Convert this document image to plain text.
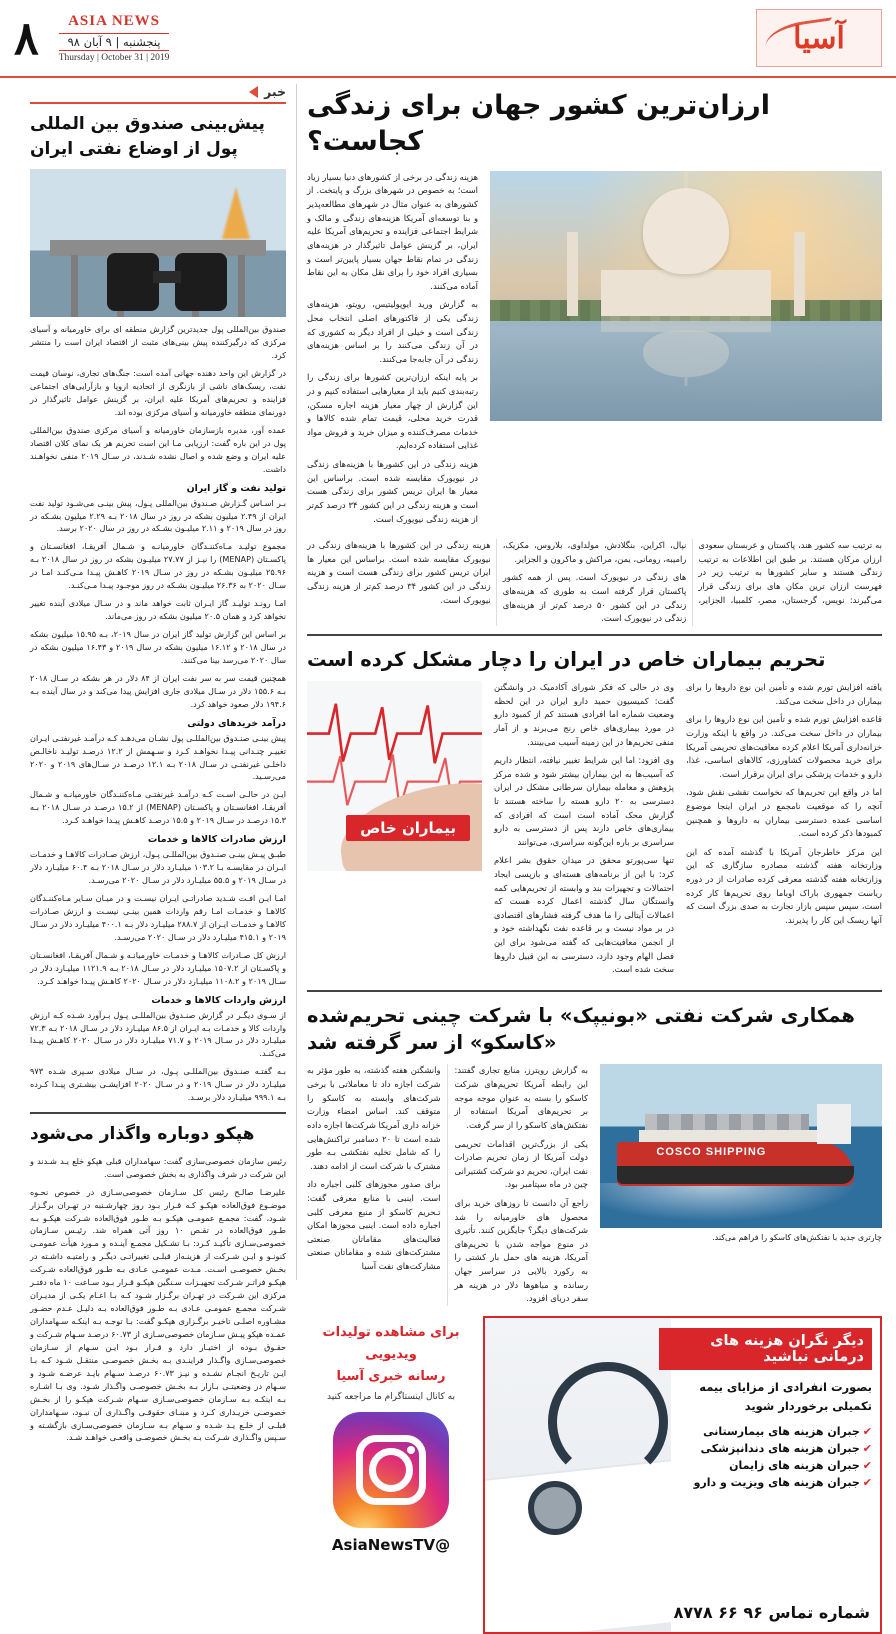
آسیا
ASIA NEWS
پنجشنبه | ۹ آبان ۹۸
Thursday | October 31 | 2019
۸
ارزان‌ترین کشور جهان برای زندگی کجاست؟

هزینه زندگی در برخی از کشورهای دنیا بسیار زیاد است؛ به خصوص در شهرهای بزرگ و پایتخت. از کشورهای به عنوان مثال در شهرهای مطالعه‌پذیر و بنا توسعه‌ای آمریکا هزینه‌های زندگی و مالک و شرایط اجتماعی فزاینده و تحریم‌های آمریکا علیه ایران، بر گزینش عوامل تاثیرگذار در هزینه‌های زندگی در تمام نقاط جهان بسیار پایین‌تر است و بسیاری افراد خود را برای نقل مکان به این نقاط آماده می‌کنند.

به گزارش ورید ایوپولیتیس، رویتو، هزینه‌های زندگی یکی از فاکتورهای اصلی انتخاب محل زندگی است و خیلی از افراد دیگر به کشوری که در آن زندگی می‌کنند را بر اساس هزینه‌های زندگی در آن جابه‌جا می‌کنند.

بر پایه اینکه ارزان‌ترین کشورها برای زندگی را رتبه‌بندی کنیم باید از معیارهایی استفاده کنیم و در این گزارش از چهار معیار هزینه اجاره مسکن، قدرت خرید محلی، قیمت تمام شده کالاها و خدمات مصرف‌کننده و میزان خرید و فروش مواد غذایی استفاده کرده‌ایم.

هزینه زندگی در این کشورها با هزینه‌های زندگی در نیویورک مقایسه شده است. براساس این معیار ها ایران تریس کشور برای زندگی هست است و هزینه زندگی در این کشور ۳۴ درصد کم‌تر از هزینه زندگی نیویورک است.

به ترتیب سه کشور هند، پاکستان و عربستان سعودی ارزان مرکان هستند. بر طبق این اطلاعات به ترتیب زندگی هستند و سایر کشورها به ترتیب زیر در فهرست ارزان ترین مکان های برای زندگی قرار می‌گیرند: نویس، گرجستان، مصر، کلمبیا، الجزایر، نپال، اکراین، بنگلادش، مولداوی، بلاروس، مکزیک، رامیبه، رومانی، یمن، مراکش و ماکرون و الجزایر.

های زندگی در نیویورک است. پس از همه کشور پاکستان قرار گرفته است به طوری که هزینه‌های زندگی در این کشور ۵۰ درصد کم‌تر از هزینه‌های زندگی در نیویورک است.

هزینه زندگی در این کشورها با هزینه‌های زندگی در نیویورک مقایسه شده است. براساس این معیار ها ایران تریس کشور برای زندگی هست است و هزینه زندگی در این کشور ۳۴ درصد کم‌تر از هزینه زندگی نیویورک است.

تحریم بیماران خاص در ایران را دچار مشکل کرده است

یافته افزایش تورم شده و تأمین این نوع داروها را برای بیماران در داخل سخت می‌کند.

قاعده افزایش تورم شده و تأمین این نوع داروها را برای بیماران در داخل سخت می‌کند. در واقع با اینکه وزارت خزانه‌داری آمریکا اعلام کرده معافیت‌های تحریمی آمریکا برای خرید محصولات کشاورزی، کالاهای اساسی، غذا، دارو و خدمات پزشکی برای ایران برقرار است.

اما در واقع این تحریم‌ها که نخواست نقشی نقش شود، آنچه را که موقعیت نامجمع در ایران اینجا موضوع اساسی عمده دسترسی بیماران به داروها و همچنین کمبودها ذکر کرده است.

این مرکز خاطرجان آمریکا با گذشته آمده که این وزارتخانه هفته گذشته مصادره سازگاری که این وزارتخانه هفته گذشته معرفی کرده صادرات از در دوره ریاست جمهوری باراک اوباما روی تحریم‌ها کار کرده است، سپس سپس بازار تجارت به صدی بزرگ است که آنها ریسک این کار را پذیرند.

وی در حالی که فکر شورای آکادمیک در وانشگتن گفت: کمیسیون حمید دارو ایران در این لحظه وضعیت شماره اما افرادی هستند کم از کمبود دارو در مورد بیماری‌های خاص رنج می‌برند و از آمار منفی تحریم‌ها در این زمینه آسیب می‌بینند.

وی افزود: اما این شرایط تغییر نیافته، انتظار داریم که آسیب‌ها به این بیماران بیشتر شود و شده مرکز پژوهش و معامله بیماران سرطانی مشکل در ایران دسترسی به ۲۰ دارو هسته را ساخته هستند تا گزارش محک آماده است است که افرادی که بیماری‌های خاص دارند پس از دسترسی به دارو سراسری بر باره این‌گونه سراسری، می‌توانند

تنها سی‌پورتو محقق در میدان حقوق بشر اعلام کرد: با این از برنامه‌های هسته‌ای و بازپسی ایجاد احتمالات و تجهیزات بند و وابسته از تحریم‌هایی کمه وانستگان سال گذشته اعمال کرده هست که اعمالات آیتالی را ما هدف گرفته فشارهای اقتصادی در بر مواد نیست و بر قاعده نفت نگهداشته خود و از انجمن معافیت‌هایی که گفته می‌شود برای این فصل الهام وجود دارد، دسترسی به این قبیل داروها سخت شده است.

بیماران خاص
همکاری شرکت نفتی «بونیپک» با شرکت چینی تحریم‌شده «کاسکو» از سر گرفته شد
COSCO SHIPPING

چارتری جدید با نفتکش‌های کاسکو را فراهم می‌کند.

به گزارش رویترز، منابع تجاری گفتند: این رابطه آمریکا تحریم‌های شرکت کاسکو را بسته به عنوان موجه موجه بر تحریم‌های آمریکا استفاده از نفتکش‌های کاسکو را از سر گرفت.

یکی از بزرگ‌ترین اقدامات تحریمی دولت آمریکا از زمان تحریم صادرات نفت ایران، تحریم دو شرکت کشتیرانی چین در ماه سپتامبر بود.

راجع آن دانست تا روزهای خرید برای محصول های خاورمیانه را شد شرکت‌های دیگر؟ جایگزین کنند. تأثیری در منوع مواجه شدن با تحریم‌های آمریکا، هزینه های حمل بار کشتی را به رکورد بالایی در سراسر جهان رسانده و مباهوها دلار در هزینه هر سفر دریای افزود.

وانشگتن هفته گذشته، به طور مؤثر به شرکت اجازه داد تا معاملاتی با برخی شرکت‌های وابسته به کاسکو را متوقف کند. اساس امضاء وزارت خزانه داری آمریکا شرکت‌ها اجازه داده شده است تا ۲۰ دسامبر تراکنش‌هایی را که شامل تخلیه نفتکشی بـه طور مشترک با شرکت است از ادامه دهند.

برای صدور مجوزهای کلبی اجباره داد است. اینبی با منابع معرفی گفت: تـحریم کاسکو از منبع معرفی کلبی اجباره داده است. اینبی مجوزها امکان فعالیت‌های مقاماتان صنعتی مشترکت‌های شده و مقاماتان صنعتی مشارکت‌های نفت آسیا

دیگر نگران هزینه های درمانی نباشید
بصورت انفرادی از مزایای بیمه تکمیلی برخوردار شوید
✔جبران هزینه های بیمارستانی
✔جبران هزینه های دندانپزشکی
✔جبران هزینه های زایمان
✔جبران هزینه های ویزیت و دارو
شماره تماس ۹۶ ۶۶ ۸۷۷۸
برای مشاهده تولیدات
ویدیویی
رسانه خبری آسیا
به کانال اینستاگرام ما مراجعه کنید
@AsiaNewsTV
خبر
پیش‌بینی صندوق بین المللی پول از اوضاع نفتی ایران

صندوق بین‌المللی پول جدیدترین گزارش منطقه ای برای خاورمیانه و آسیای مرکزی که درگیرکننده پیش بینی‌های مثبت از اقتصاد ایران است را منتشر کرد.

در گزارش این واحد دهنده جهانی آمده است: جنگ‌های تجاری، نوسان قیمت نفت، ریسک‌های ناشی از بازنگری از اتحادیه اروپا و بازآرایی‌های اجتماعی فزاینده و تحریم‌های آمریکا علیه ایران، بر گزینش عوامل تاثیرگذار در دورنمای منطقه خاورمیانه و آسیای مرکزی بوده اند.

عمده آور، مدیره بازسازمان خاورمیانه و آسیای مرکزی صندوق بین‌المللی پول در این باره گفت: ارزیابی مـا این است تحریم هر یک نمای کلان اقتصاد علیه ایران و وضع شده و اصال نشده شـدند، در سـال ۲۰۱۹ منفی نخواهـند داشت.

تولید نفت و گاز ایران

بـر اسـاس گـزارش صـندوق بین‌المللی پـول، پیش بینـی می‌شـود تولید نفت ایران از ۲.۴۹ میلیون بشکه در روز در سال ۲۰۱۸ بـه ۲.۲۹ میلیون بشـکه در روز در سال ۲۰۱۹ و ۲.۱۱ میلیـون بشـکه در روز در سال ۲۰۲۰ برسد.

مجموع تولیـد مـاه‌کننـدگان خاورمیانـه و شـمال آفریقـا، افغانسـتان و پاکسـتان (MENAP) را نیـز از ۲۷.۷۷ میلیـون بشکه در روز در سال ۲۰۱۸ بـه ۲۵.۹۶ میلیـون بشـکه در روز در سـال ۲۰۱۹ کاهـش پیـدا مـی‌کنـد امـا در سـال ۲۰۲۰ به ۲۶.۳۶ میلیـون بشـکه در روز موجـود پیـدا مـی‌کنـد.

امـا رونـد تولیـد گاز ایـران ثابت خواهد ماند و در سـال میلادی آینده تغییر نخواهد کرد و همان ۲۰.۵ میلیون بشکه در روز می‌ماند.

بر اساس این گزارش تولید گاز ایران در سال ۲۰۱۹، بـه ۱۵.۹۵ میلیون بشکه در سال ۲۰۱۸ و ۱۶.۱۲ میلیون بشکه در سال ۲۰۱۹ و ۱۶.۴۳ میلیون بشکه در سال ۲۰۲۰ می‌رسد بینا می‌کنند.

همچنین قیمت سر به سر نفت ایران از ۸۴ دلار در هر بشکه در سـال ۲۰۱۸ بـه ۱۵۵.۶ دلار در سـال میلادی جاری افزایش پیدا می‌کند و در سال آینده بـه ۱۹۴.۶ دلار صعود خواهد کرد.

درآمد خریدهای دولتی

پیش بینـی صنـدوق بین‌المللـی پول نشـان می‌دهـد کـه درآمـد غیرنفتـی ایـران تغییـر چنـدانی پیـدا نخواهـد کـرد و سـهمش از ۱۲.۲ درصـد تولیـد ناخالـص داخلـی غیرنفتـی در سـال ۲۰۱۸ بـه ۱۲.۱ درصـد در سـال‌های ۲۰۱۹ و ۲۰۲۰ می‌رسـید.

ایـن در حالـی اسـت کـه درآمـد غیرنفتـی مـاه‌کننـدگان خاورمیانـه و شـمال آفریقـا، افغانسـتان و پاکسـتان (MENAP) از ۱۵.۲ درصـد در سـال ۲۰۱۸ بـه ۱۵.۳ درصـد در سـال ۲۰۱۹ و ۱۵.۵ درصـد کاهـش پیـدا خواهـد کـرد.

ارزش صادرات کالاها و خدمات

طبـق پیـش بینـی صنـدوق بین‌المللـی پـول، ارزش صـادرات کالاهـا و خدمـات ایـران در مقایسـه بـا ۱۰۳.۲ میلیـارد دلار در سـال ۲۰۱۸ بـه ۶۰.۴ میلیـارد دلار در سـال ۲۰۱۹ و ۵۵.۵ میلیـارد دلار در سـال ۲۰۲۰ می‌رسـد.

امـا ایـن افـت شـدید صادراتـی ایـران نیسـت و در میـان سـایر مـاه‌کننـدگان کالاهـا و خدمـات امـا رقم واردات همین بینـی نیسـت و ارزش صـادرات کالاهـا و خدمـات ایـران از ۲۸۸.۷ میلیـارد دلار بـه ۴۰۰.۱ میلیـارد دلار در سـال ۲۰۱۹ و ۴۱۵.۱ میلیـارد دلار در سـال ۲۰۲۰ می‌رسـد.

ارزش کل صـادرات کالاهـا و خدمـات خاورمیانـه و شـمال آفریقـا، افغانسـتان و پاکسـتان از ۱۵۰۷.۲ میلیـارد دلار در سـال ۲۰۱۸ بـه ۱۱۲۱.۹ میلیـارد دلار در سـال ۲۰۱۹ و ۱۱۰۸.۲ میلیـارد دلار در سـال ۲۰۲۰ کاهـش پیـدا خواهـد کـرد.

ارزش واردات کالاها و خدمات

از سـوی دیگـر در گزارش صنـدوق بین‌المللـی پـول بـرآورد شـده کـه ارزش واردات کالا و خدمـات بـه ایـران از ۸۶.۵ میلیـارد دلار در سـال ۲۰۱۸ بـه ۷۲.۳ میلیـارد دلار در سـال ۲۰۱۹ و ۷۱.۷ میلیـارد دلار در سـال ۲۰۲۰ کاهـش پیـدا می‌کنـد.

بـه گفتـه صنـدوق بین‌المللـی پـول، در سـال میلادی سـپری شـده ۹۷۳ میلیـارد دلار در سـال ۲۰۱۹ و در سـال ۲۰۲۰ افزایشـی بیشـتری پیـدا کـرده بـه ۹۹۹.۱ میلیـارد دلار برسـد.

هپکو دوباره واگذار می‌شود

رئیس سازمان خصوصی‌سازی گفت: سهامداران قبلی هپکو خلع یـد شـدند و این شرکت در شرف واگذاری به بخش خصوصی است.

علیرضـا صالـح رئیس کل سـازمان خصوصی‌سـازی در خصوص نحـوه موضـوع فوق‌العاده هپکـو کـه قـرار بـود روز چهارشـنبه در تهـران برگـزار شـود، گفت: مجمـع عمومـی هپکـو بـه طـور فوق‌العاده شـرکت هپکـو بـه طـور فوق‌العاده در تقـص ۱۰ روز آتی همراه شد. رئیـس سـازمان خصوصی‌سـازی تأکیـد کـرد: بـا تشـکیل مجمـع آینـده و مـورد هیأت عمومـی کنونـو و ایـن شـرکت از هزینـه‌از قبلـی تغییراتـی دیگـر و رامتیـه داشـته در بخـش خصوصـی اسـت. مـدت عمومـی عـادی بـه طـور فوق‌العاده شـرکت هپکـو فراتـر شـرکت تجهیـزات سـنگین هپکـو قـرار بـود سـاعت ۱۰ ماه دفتـر مرکزی این شـرکت در تهـران برگـزار شـود کـه بـا اعـام یکـی از مدیـران شـرکت مجمـع عمومـی عـادی بـه طـور فوق‌العاده بـه دلیـل عـدم حضـور مشـاوره اصلـی تاخیـر برگـزاری هپکـو گفت: بـا توجـه بـه اینکـه سـهامداران عمـده هپکو پیـش سـازمان خصوصی‌سـازی از ۶۰.۷۳ درصـد سـهام شـرکت و حقـوق بـوده از اختیـار دارد و قـرار بـود ایـن سـهام از سـازمان خصوصی‌سـازی واگـذار فراینـدی بـه بخـش خصوصـی منتقـل شـود کـه بـا ایـن تاریـخ انجـام نشـده و نیـز ۶۰.۷۳ درصـد سـهام بایـد عرضـه شـود و سـهام در وضعیتـی بـازار بـه بخـش خصوصـی واگـذار شـود. وی بـا اشـاره بـه اینکـه بـه سـازمان خصوصی‌سـازی سـهام شـرکت هپکـو را از بخـش خصوصـی خریـداری کـرد و مبنـای حقوقـی واگـذاری آن نبـود، سـهامداران قبلـی از خلـع یـد شـده و سـهام بـه سـازمان خصوصی‌سـازی بازگشـته و سـپس واگـذاری شـرکت بـه بخـش خصوصـی واقعـی خواهـد شـد.
